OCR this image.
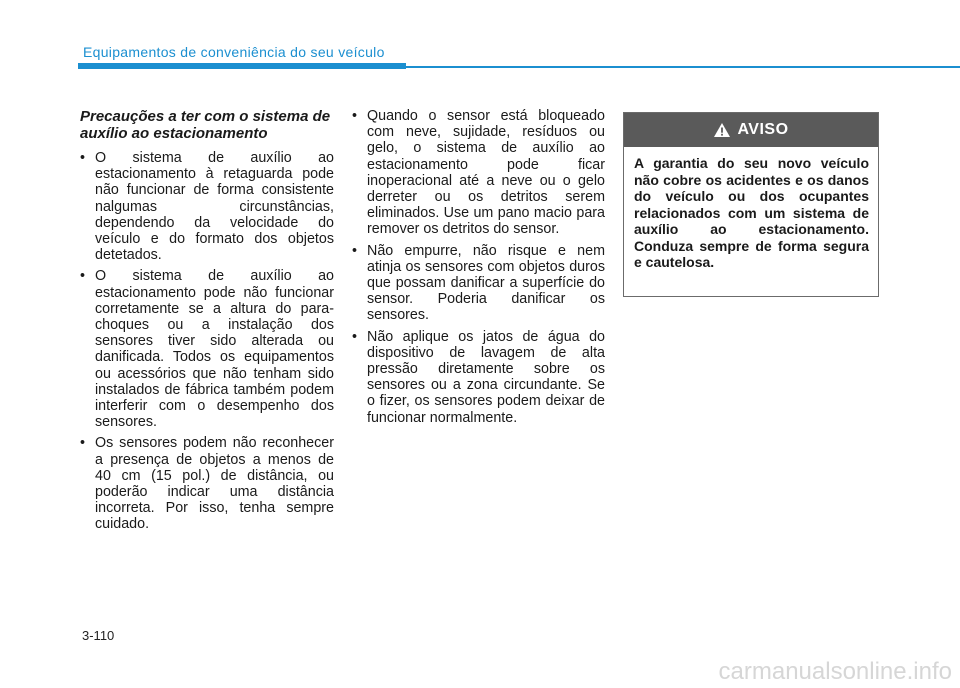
Equipamentos de conveniência do seu veículo
Precauções a ter com o sistema de auxílio ao estacionamento
• O sistema de auxílio ao estacionamento à retaguarda pode não funcionar de forma consistente nalgumas circunstâncias, dependendo da velocidade do veículo e do formato dos objetos detetados.
• O sistema de auxílio ao estacionamento pode não funcionar corretamente se a altura do para-choques ou a instalação dos sensores tiver sido alterada ou danificada. Todos os equipamentos ou acessórios que não tenham sido instalados de fábrica também podem interferir com o desempenho dos sensores.
• Os sensores podem não reconhecer a presença de objetos a menos de 40 cm (15 pol.) de distância, ou poderão indicar uma distância incorreta. Por isso, tenha sempre cuidado.
• Quando o sensor está bloqueado com neve, sujidade, resíduos ou gelo, o sistema de auxílio ao estacionamento pode ficar inoperacional até a neve ou o gelo derreter ou os detritos serem eliminados. Use um pano macio para remover os detritos do sensor.
• Não empurre, não risque e nem atinja os sensores com objetos duros que possam danificar a superfície do sensor. Poderia danificar os sensores.
• Não aplique os jatos de água do dispositivo de lavagem de alta pressão diretamente sobre os sensores ou a zona circundante. Se o fizer, os sensores podem deixar de funcionar normalmente.
AVISO
A garantia do seu novo veículo não cobre os acidentes e os danos do veículo ou dos ocupantes relacionados com um sistema de auxílio ao estacionamento. Conduza sempre de forma segura e cautelosa.
3-110
carmanualsonline.info
